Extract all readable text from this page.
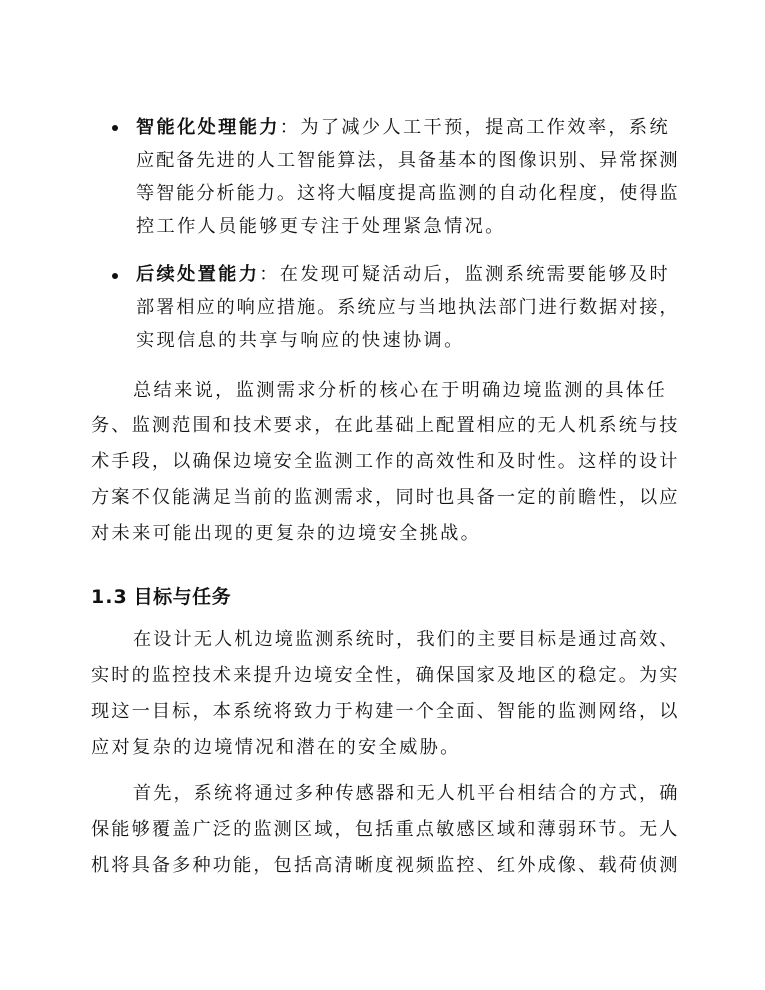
智能化处理能力：为了减少人工干预，提高工作效率，系统
应配备先进的人工智能算法，具备基本的图像识别、异常探测
等智能分析能力。这将大幅度提高监测的自动化程度，使得监
控工作人员能够更专注于处理紧急情况。
后续处置能力：在发现可疑活动后，监测系统需要能够及时
部署相应的响应措施。系统应与当地执法部门进行数据对接，
实现信息的共享与响应的快速协调。
总结来说，监测需求分析的核心在于明确边境监测的具体任
务、监测范围和技术要求，在此基础上配置相应的无人机系统与技
术手段，以确保边境安全监测工作的高效性和及时性。这样的设计
方案不仅能满足当前的监测需求，同时也具备一定的前瞻性，以应
对未来可能出现的更复杂的边境安全挑战。
1.3 目标与任务
在设计无人机边境监测系统时，我们的主要目标是通过高效、
实时的监控技术来提升边境安全性，确保国家及地区的稳定。为实
现这一目标，本系统将致力于构建一个全面、智能的监测网络，以
应对复杂的边境情况和潜在的安全威胁。
首先，系统将通过多种传感器和无人机平台相结合的方式，确
保能够覆盖广泛的监测区域，包括重点敏感区域和薄弱环节。无人
机将具备多种功能，包括高清晰度视频监控、红外成像、载荷侦测
